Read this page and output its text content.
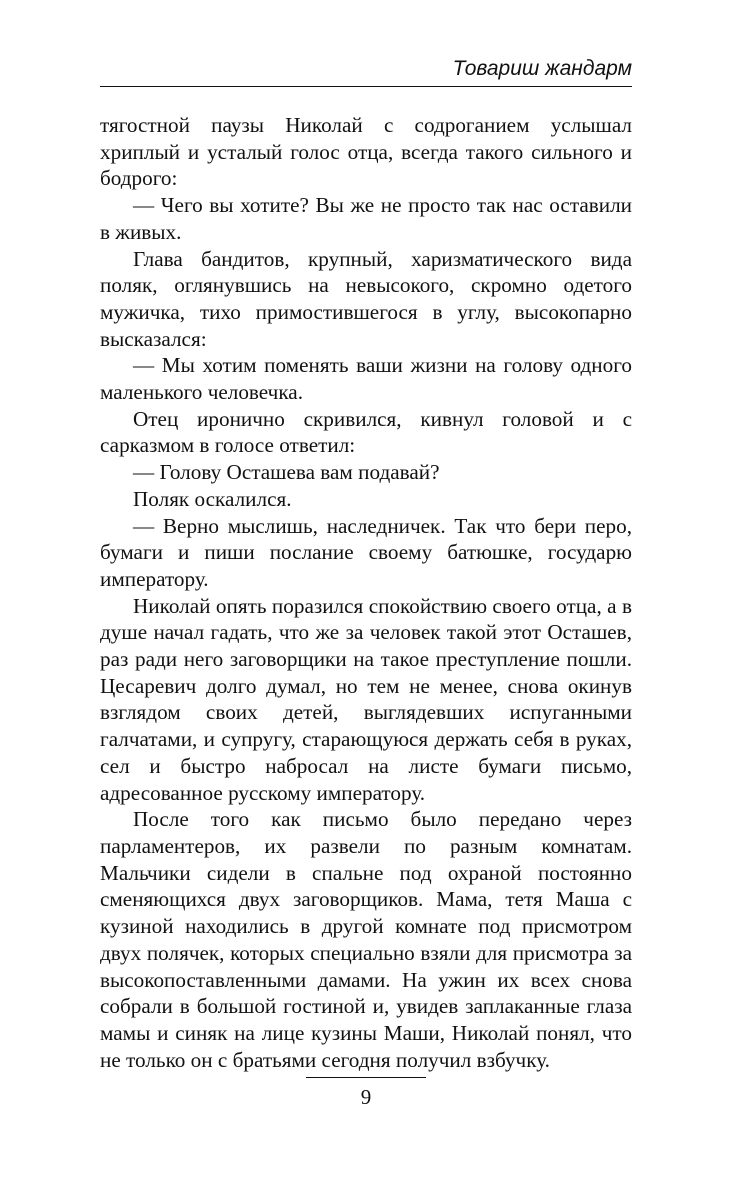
Товариш жандарм

тягостной паузы Николай с содроганием услышал хриплый и усталый голос отца, всегда такого сильного и бодрого:

— Чего вы хотите? Вы же не просто так нас оставили в живых.

Глава бандитов, крупный, харизматического вида поляк, оглянувшись на невысокого, скромно одетого мужичка, тихо примостившегося в углу, высокопарно высказался:

— Мы хотим поменять ваши жизни на голову одного маленького человечка.

Отец иронично скривился, кивнул головой и с сарказмом в голосе ответил:

— Голову Осташева вам подавай?

Поляк оскалился.

— Верно мыслишь, наследничек. Так что бери перо, бумаги и пиши послание своему батюшке, государю императору.

Николай опять поразился спокойствию своего отца, а в душе начал гадать, что же за человек такой этот Осташев, раз ради него заговорщики на такое преступление пошли. Цесаревич долго думал, но тем не менее, снова окинув взглядом своих детей, выглядевших испуганными галчатами, и супругу, старающуюся держать себя в руках, сел и быстро набросал на листе бумаги письмо, адресованное русскому императору.

После того как письмо было передано через парламентеров, их развели по разным комнатам. Мальчики сидели в спальне под охраной постоянно сменяющихся двух заговорщиков. Мама, тетя Маша с кузиной находились в другой комнате под присмотром двух полячек, которых специально взяли для присмотра за высокопоставленными дамами. На ужин их всех снова собрали в большой гостиной и, увидев заплаканные глаза мамы и синяк на лице кузины Маши, Николай понял, что не только он с братьями сегодня получил взбучку.

9
